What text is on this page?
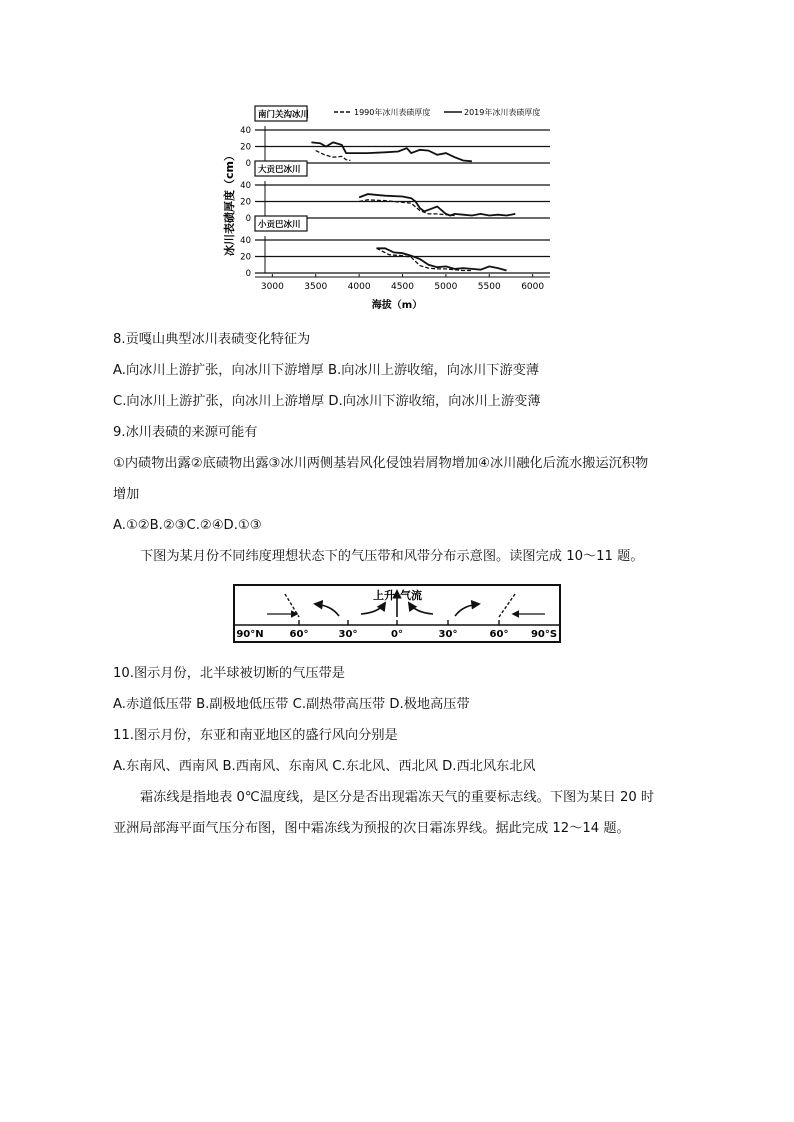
冰川表碛厚度（cm）
1990年冰川表碛厚度	2019年冰川表碛厚度
南门关沟冰川
0
20
40
大贡巴冰川
0
20
40
小贡巴冰川
0
20
40
3000 3500 4000 4500 5000 5500 6000
海拔（m）
8.贡嘎山典型冰川表碛变化特征为
A.向冰川上游扩张，向冰川下游增厚 B.向冰川上游收缩，向冰川下游变薄
C.向冰川上游扩张，向冰川上游增厚 D.向冰川下游收缩，向冰川上游变薄
9.冰川表碛的来源可能有
①内碛物出露②底碛物出露③冰川两侧基岩风化侵蚀岩屑物增加④冰川融化后流水搬运沉积物
增加
A.①②B.②③C.②④D.①③
下图为某月份不同纬度理想状态下的气压带和风带分布示意图。读图完成 10～11 题。
上升 气流
90°N	60°	30°	0°	30°	60° 90°S
10.图示月份，北半球被切断的气压带是
A.赤道低压带 B.副极地低压带 C.副热带高压带 D.极地高压带
11.图示月份，东亚和南亚地区的盛行风向分别是
A.东南风、西南风 B.西南风、东南风 C.东北风、西北风 D.西北风东北风
霜冻线是指地表 0℃温度线，是区分是否出现霜冻天气的重要标志线。下图为某日 20 时
亚洲局部海平面气压分布图，图中霜冻线为预报的次日霜冻界线。据此完成 12～14 题。
